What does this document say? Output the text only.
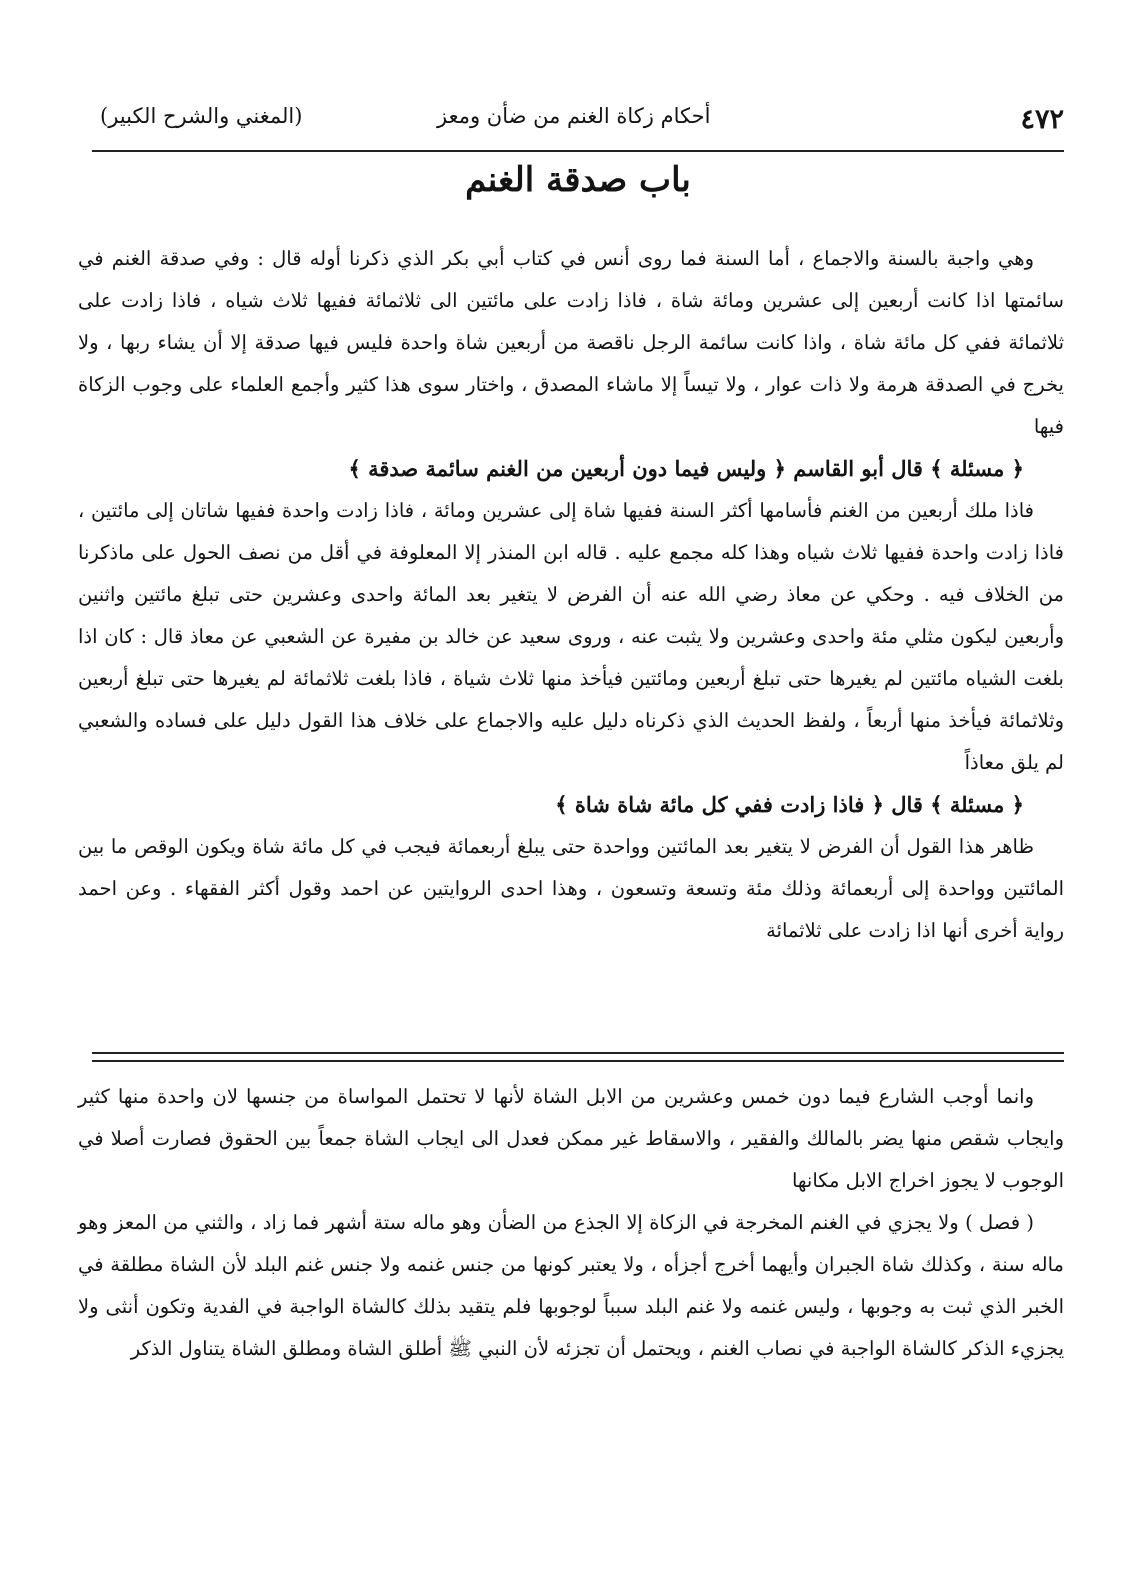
٤٧٢
أحكام زكاة الغنم من ضأن ومعز
(المغني والشرح الكبير)
باب صدقة الغنم

وهي واجبة بالسنة والاجماع ، أما السنة فما روى أنس في كتاب أبي بكر الذي ذكرنا أوله قال : وفي صدقة الغنم في سائمتها اذا كانت أربعين إلى عشرين ومائة شاة ، فاذا زادت على مائتين الى ثلاثمائة ففيها ثلاث شياه ، فاذا زادت على ثلاثمائة ففي كل مائة شاة ، واذا كانت سائمة الرجل ناقصة من أربعين شاة واحدة فليس فيها صدقة إلا أن يشاء ربها ، ولا يخرج في الصدقة هرمة ولا ذات عوار ، ولا تيساً إلا ماشاء المصدق ، واختار سوى هذا كثير وأجمع العلماء على وجوب الزكاة فيها

﴿ مسئلة ﴾ قال أبو القاسم ﴿ وليس فيما دون أربعين من الغنم سائمة صدقة ﴾

فاذا ملك أربعين من الغنم فأسامها أكثر السنة ففيها شاة إلى عشرين ومائة ، فاذا زادت واحدة ففيها شاتان إلى مائتين ، فاذا زادت واحدة ففيها ثلاث شياه وهذا كله مجمع عليه . قاله ابن المنذر إلا المعلوفة في أقل من نصف الحول على ماذكرنا من الخلاف فيه . وحكي عن معاذ رضي الله عنه أن الفرض لا يتغير بعد المائة واحدى وعشرين حتى تبلغ مائتين واثنين وأربعين ليكون مثلي مئة واحدى وعشرين ولا يثبت عنه ، وروى سعيد عن خالد بن مفيرة عن الشعبي عن معاذ قال : كان اذا بلغت الشياه مائتين لم يغيرها حتى تبلغ أربعين ومائتين فيأخذ منها ثلاث شياة ، فاذا بلغت ثلاثمائة لم يغيرها حتى تبلغ أربعين وثلاثمائة فيأخذ منها أربعاً ، ولفظ الحديث الذي ذكرناه دليل عليه والاجماع على خلاف هذا القول دليل على فساده والشعبي لم يلق معاذاً

﴿ مسئلة ﴾ قال ﴿ فاذا زادت ففي كل مائة شاة شاة ﴾

ظاهر هذا القول أن الفرض لا يتغير بعد المائتين وواحدة حتى يبلغ أربعمائة فيجب في كل مائة شاة ويكون الوقص ما بين المائتين وواحدة إلى أربعمائة وذلك مئة وتسعة وتسعون ، وهذا احدى الروايتين عن احمد وقول أكثر الفقهاء . وعن احمد رواية أخرى أنها اذا زادت على ثلاثمائة

وانما أوجب الشارع فيما دون خمس وعشرين من الابل الشاة لأنها لا تحتمل المواساة من جنسها لان واحدة منها كثير وايجاب شقص منها يضر بالمالك والفقير ، والاسقاط غير ممكن فعدل الى ايجاب الشاة جمعاً بين الحقوق فصارت أصلا في الوجوب لا يجوز اخراج الابل مكانها

( فصل ) ولا يجزي في الغنم المخرجة في الزكاة إلا الجذع من الضأن وهو ماله ستة أشهر فما زاد ، والثني من المعز وهو ماله سنة ، وكذلك شاة الجبران وأيهما أخرج أجزأه ، ولا يعتبر كونها من جنس غنمه ولا جنس غنم البلد لأن الشاة مطلقة في الخبر الذي ثبت به وجوبها ، وليس غنمه ولا غنم البلد سبباً لوجوبها فلم يتقيد بذلك كالشاة الواجبة في الفدية وتكون أنثى ولا يجزيء الذكر كالشاة الواجبة في نصاب الغنم ، ويحتمل أن تجزئه لأن النبي ﷺ أطلق الشاة ومطلق الشاة يتناول الذكر
